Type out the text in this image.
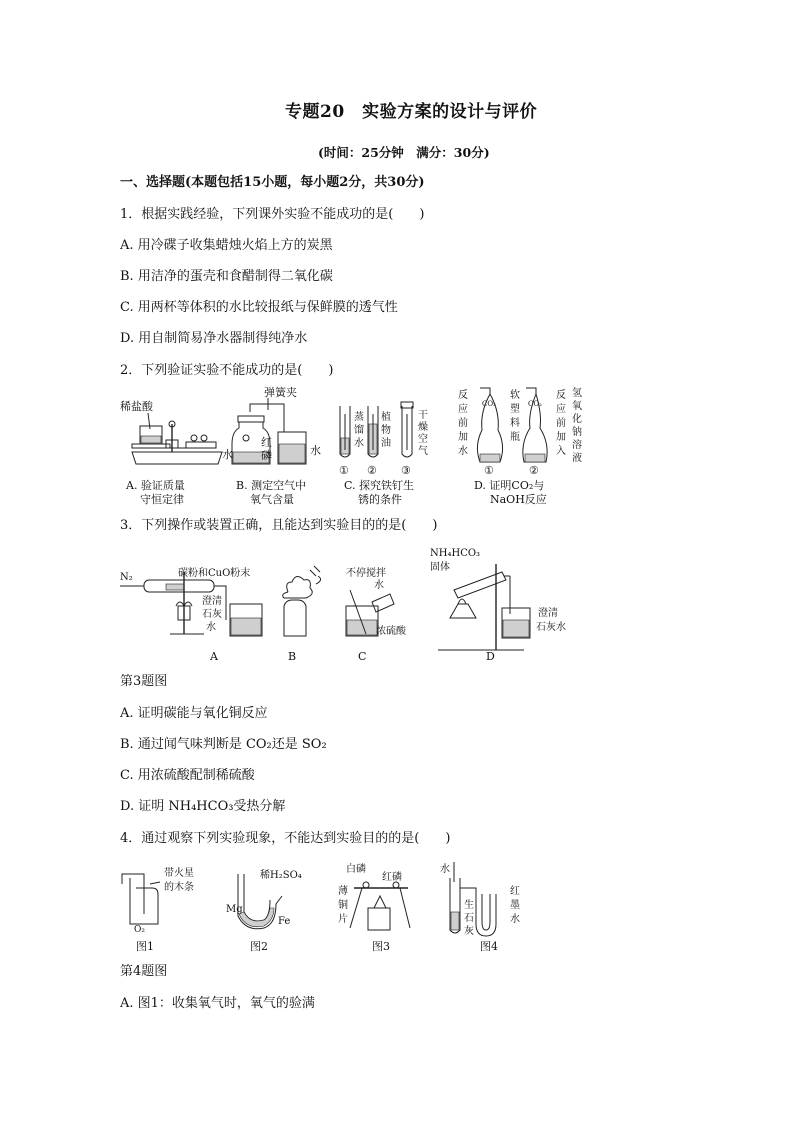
专题20　实验方案的设计与评价
(时间：25分钟　满分：30分)
一、选择题(本题包括15小题，每小题2分，共30分)
1．根据实践经验，下列课外实验不能成功的是(　　)
A. 用冷碟子收集蜡烛火焰上方的炭黑
B. 用洁净的蛋壳和食醋制得二氧化碳
C. 用两杯等体积的水比较报纸与保鲜膜的透气性
D. 用自制简易净水器制得纯净水
2．下列验证实验不能成功的是(　　)
稀盐酸
A. 验证质量
守恒定律
弹簧夹
红
磷
水	水
B. 测定空气中
氧气含量
蒸
馏
水
植
物
油
干
燥
空
气
① ② ③
C. 探究铁钉生
锈的条件
反
应
前
加
水
CO₂
软
塑
料
瓶
CO₂
反
应
前
加
入
氢
氧
化
钠
溶
液
①	②
D. 证明CO₂与
NaOH反应
3．下列操作或装置正确，且能达到实验目的的是(　　)
N₂	碳粉和CuO粉末
澄清
石灰
水
A	B
不停搅拌
水
浓硫酸
C
NH₄HCO₃
固体
澄清
石灰水
D
第3题图
A. 证明碳能与氧化铜反应
B. 通过闻气味判断是 CO₂还是 SO₂
C. 用浓硫酸配制稀硫酸
D. 证明 NH₄HCO₃受热分解
4．通过观察下列实验现象，不能达到实验目的的是(　　)
带火星
的木条
O₂
图1
Mg
稀H₂SO₄
Fe
图2
白磷
红磷
薄
铜
片
图3
水
生
石
灰
红
墨
水
图4
第4题图
A. 图1：收集氧气时，氧气的验满
